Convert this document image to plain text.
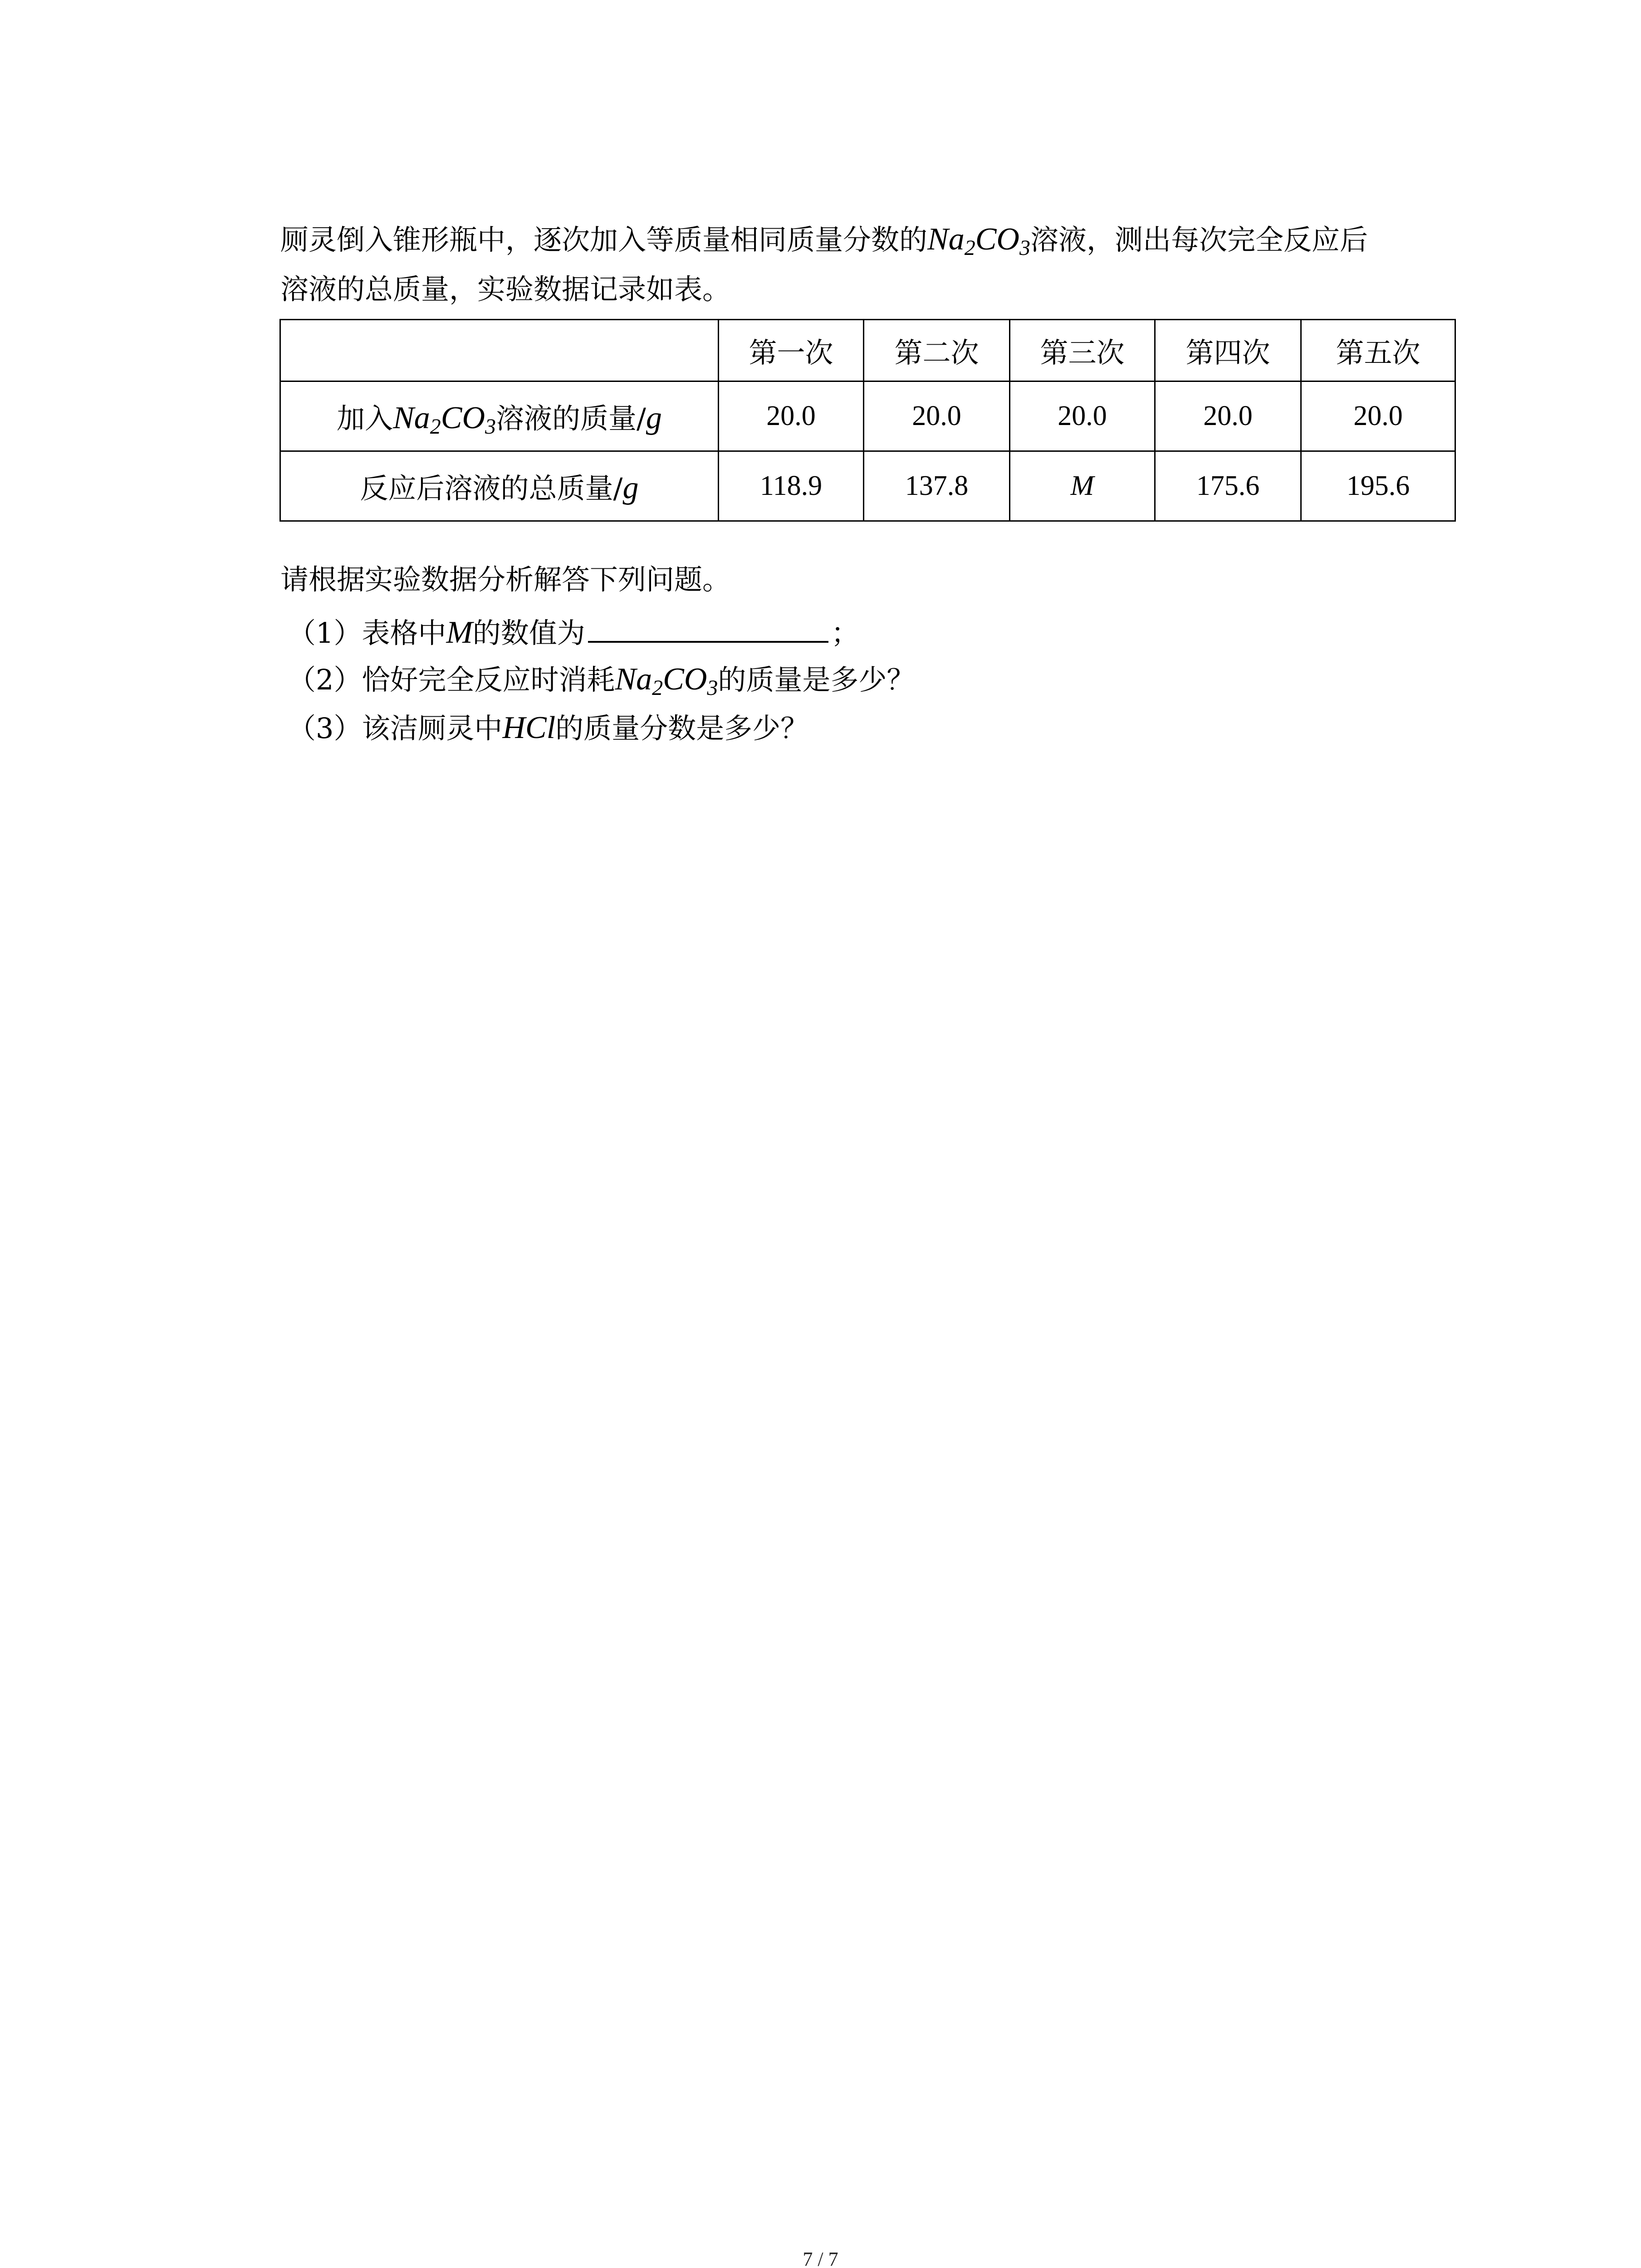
厕灵倒入锥形瓶中，逐次加入等质量相同质量分数的$Na_2CO_3$溶液，测出每次完全反应后
溶液的总质量，实验数据记录如表。
	第一次	第二次	第三次	第四次	第五次
加入$Na_2CO_3$溶液的质量/g	20.0	20.0	20.0	20.0	20.0
反应后溶液的总质量/g	118.9	137.8	M	175.6	195.6
请根据实验数据分析解答下列问题。
（1）表格中M的数值为	；
（2）恰好完全反应时消耗$Na_2CO_3$的质量是多少？
（3）该洁厕灵中HCl的质量分数是多少？
7 / 7
